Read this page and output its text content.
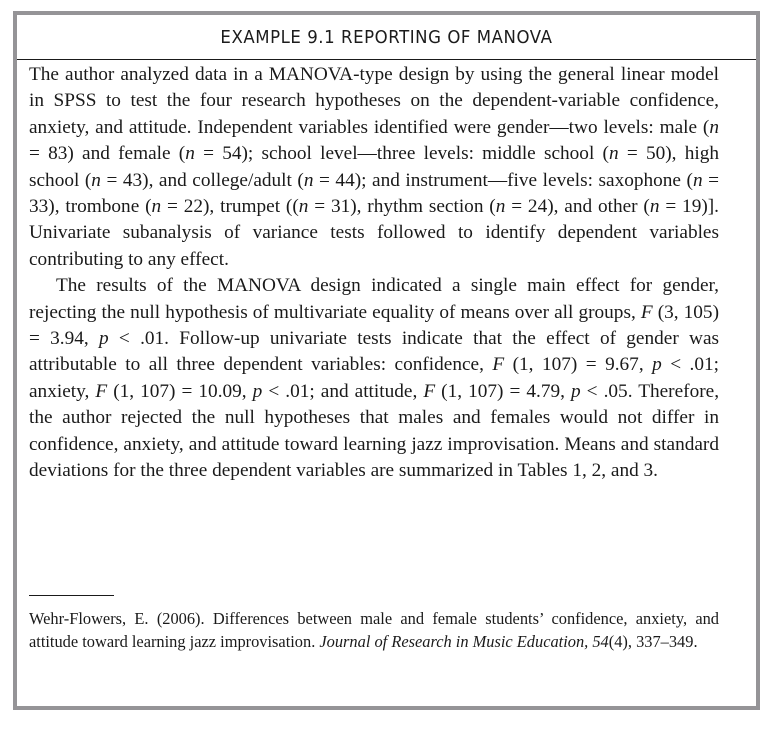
EXAMPLE 9.1 REPORTING OF MANOVA

The author analyzed data in a MANOVA-type design by using the general linear model in SPSS to test the four research hypotheses on the dependent-variable confidence, anxiety, and attitude. Independent variables identified were gender—two levels: male (n = 83) and female (n = 54); school level—three levels: middle school (n = 50), high school (n = 43), and college/adult (n = 44); and instrument—five levels: saxophone (n = 33), trombone (n = 22), trumpet ((n = 31), rhythm section (n = 24), and other (n = 19)]. Univariate subanalysis of variance tests followed to identify dependent variables contributing to any effect.

The results of the MANOVA design indicated a single main effect for gender, rejecting the null hypothesis of multivariate equality of means over all groups, F (3, 105) = 3.94, p < .01. Follow-up univariate tests indicate that the effect of gender was attributable to all three dependent variables: confidence, F (1, 107) = 9.67, p < .01; anxiety, F (1, 107) = 10.09, p < .01; and attitude, F (1, 107) = 4.79, p < .05. Therefore, the author rejected the null hypotheses that males and females would not differ in confidence, anxiety, and attitude toward learning jazz improvisation. Means and standard deviations for the three dependent variables are summarized in Tables 1, 2, and 3.

Wehr-Flowers, E. (2006). Differences between male and female students’ confidence, anxiety, and attitude toward learning jazz improvisation. Journal of Research in Music Education, 54(4), 337–349.
